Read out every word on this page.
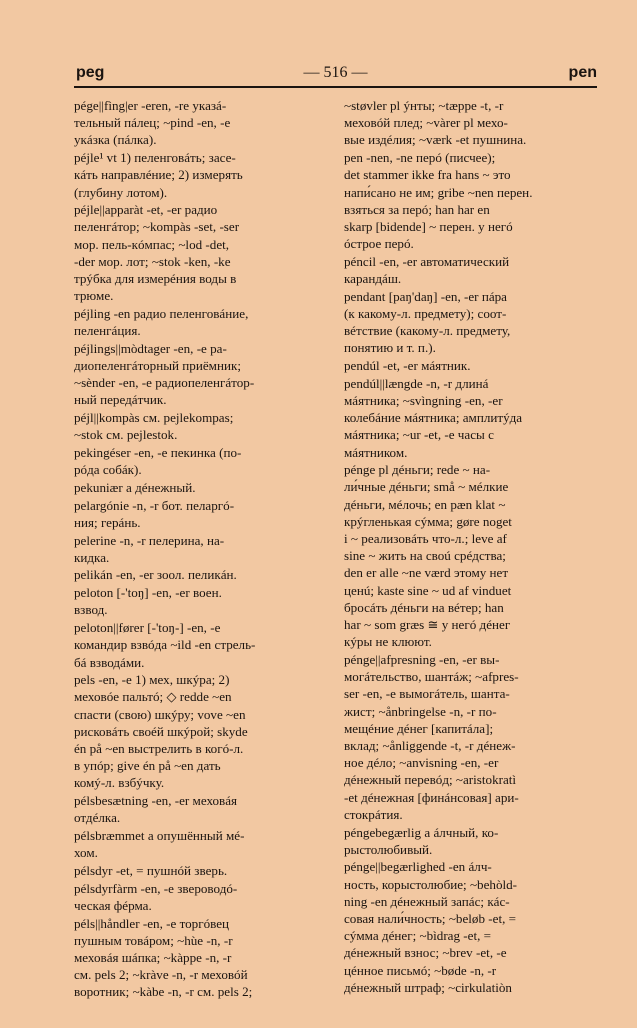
peg	— 516 —	pen
pége||fìng|er -eren, -re указá-
тельный пáлец; ~pind -en, -e
укáзка (пáлка).
péjle¹ vt 1) пеленговáть; засе-
кáть направлéние; 2) измерять
(глубину лотом).
péjle||apparàt -et, -er радио
пеленгáтор; ~kompàs -set, -ser
мор. пель-кóмпас; ~lod -det,
-der мор. лот; ~stok -ken, -ke
трýбка для измерéния воды в
трюме.
péjling -en радио пеленговáние,
пеленгáция.
péjlings||mòdtager -en, -e ра-
диопеленгáторный приёмник;
~sènder -en, -e радиопеленгáтор-
ный передáтчик.
péjl||kompàs см. pejlekompas;
~stok см. pejlestok.
pekingéser -en, -e пекинка (по-
рóда собáк).
pekuniær a дéнежный.
pelargónie -n, -r бот. пеларгó-
ния; герáнь.
pelerine -n, -r пелерина, на-
кидка.
pelikán -en, -er зоол. пеликáн.
peloton [-'toŋ] -en, -er воен.
взвод.
peloton||fører [-'toŋ-] -en, -e
командир взвóда ~ild -en стрель-
бá взводáми.
pels -en, -e 1) мех, шкýра; 2)
меховóе пальтó; ◇ redde ~en
спасти (свою) шкýру; vove ~en
рисковáть своéй шкýрой; skyde
én på ~en выстрелить в когó-л.
в упóр; give én på ~en дать
комý-л. взбýчку.
pélsbesætning -en, -er меховáя
отдéлка.
pélsbræmmet a опушённый мé-
хом.
pélsdyr -et, = пушнóй зверь.
pélsdyrfàrm -en, -e звероводó-
ческая фéрма.
péls||håndler -en, -e торгóвец
пушным товáром; ~hùe -n, -r
меховáя шáпка; ~kàppe -n, -r
см. pels 2; ~kràve -n, -r меховóй
воротник; ~kàbe -n, -r см. pels 2;
~støvler pl ýнты; ~tæppe -t, -r
меховóй плед; ~vàrer pl мехо-
вые издéлия; ~værk -et пушнина.
pen -nen, -ne перó (писчее);
det stammer ikke fra hans ~ это
напи́сано не им; gribe ~nen перен.
взяться за перó; han har en
skarp [bidende] ~ перен. у негó
óстрое перó.
péncil -en, -er автоматический
карандáш.
pendant [paŋ'daŋ] -en, -er пáра
(к какому-л. предмету); соот-
вéтствие (какому-л. предмету,
понятию и т. п.).
pendúl -et, -er мáятник.
pendúl||længde -n, -r длинá
мáятника; ~svìngning -en, -er
колебáние мáятника; амплитýда
мáятника; ~ur -et, -e часы с
мáятником.
pénge pl дéньги; rede ~ на-
ли́чные дéньги; små ~ мéлкие
дéньги, мéлочь; en pæn klat ~
крýгленькая сýмма; gøre noget
i ~ реализовáть что-л.; leve af
sine ~ жить на своú срéдства;
den er alle ~ne værd этому нет
ценú; kaste sine ~ ud af vinduet
бросáть дéньги на вéтер; han
har ~ som græs ≅ у негó дéнег
кýры не клюют.
pénge||afpresning -en, -er вы-
могáтельство, шантáж; ~afpres-
ser -en, -e вымогáтель, шанта-
жист; ~ånbringelse -n, -r по-
мещéние дéнег [капитáла];
вклад; ~ånliggende -t, -r дéнеж-
ное дéло; ~anvisning -en, -er
дéнежный перевóд; ~aristokratì
-et дéнежная [финáнсовая] ари-
стокрáтия.
péngebegærlig a áлчный, ко-
рыстолюбивый.
pénge||begærlighed -en áлч-
ность, корыстолюбие; ~behòld-
ning -en дéнежный запáс; кáс-
совая нали́чность; ~beløb -et, =
сýмма дéнег; ~bìdrag -et, =
дéнежный взнос; ~brev -et, -e
цéнное письмó; ~bøde -n, -r
дéнежный штраф; ~cirkulatiòn
